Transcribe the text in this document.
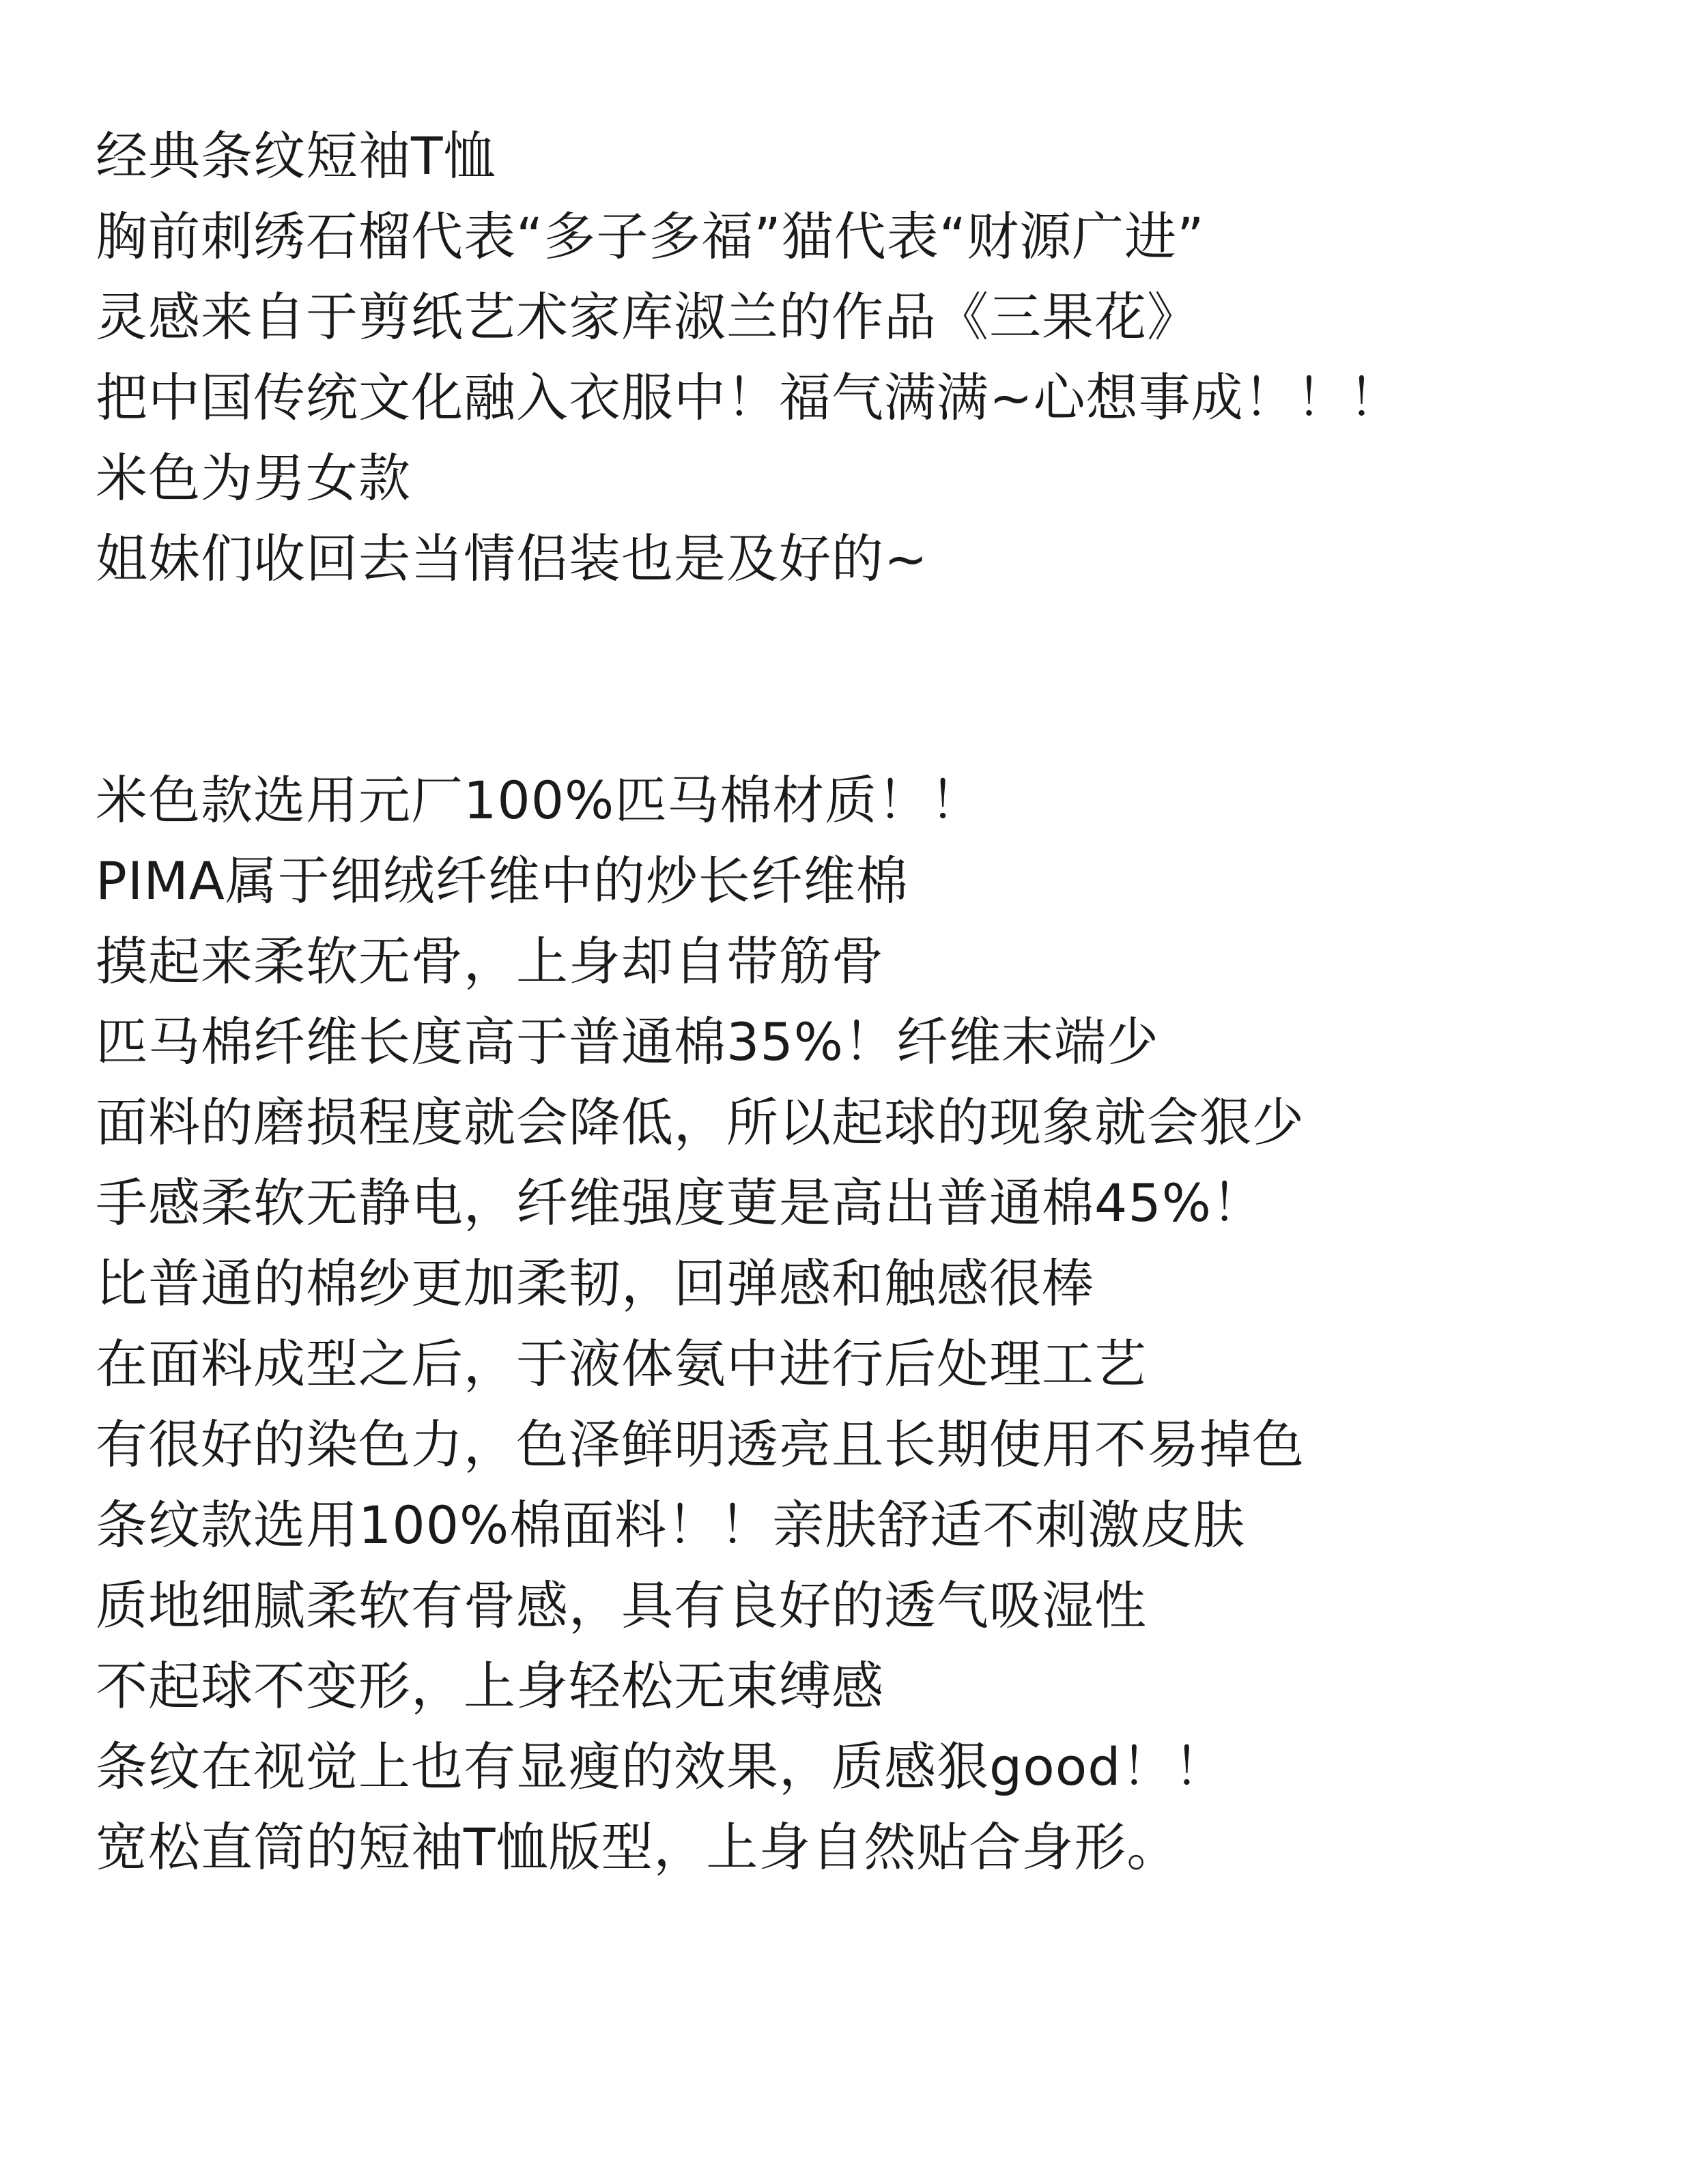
经典条纹短袖T恤
胸前刺绣石榴代表“多子多福”猫代表“财源广进”
灵感来自于剪纸艺术家库淑兰的作品《三果花》
把中国传统文化融入衣服中！福气满满~心想事成！！！
米色为男女款
姐妹们收回去当情侣装也是及好的~
米色款选用元厂100%匹马棉材质！！
PIMA属于细绒纤维中的炒长纤维棉
摸起来柔软无骨，上身却自带筋骨
匹马棉纤维长度高于普通棉35%！纤维末端少
面料的磨损程度就会降低，所以起球的现象就会狠少
手感柔软无静电，纤维强度莄是高出普通棉45%！
比普通的棉纱更加柔韧，回弹感和触感很棒
在面料成型之后，于液体氨中进行后处理工艺
有很好的染色力，色泽鲜明透亮且长期使用不易掉色
条纹款选用100%棉面料！！亲肤舒适不刺激皮肤
质地细腻柔软有骨感，具有良好的透气吸湿性
不起球不变形，上身轻松无束缚感
条纹在视觉上也有显瘦的效果，质感狠good！！
宽松直筒的短袖T恤版型，上身自然贴合身形。
